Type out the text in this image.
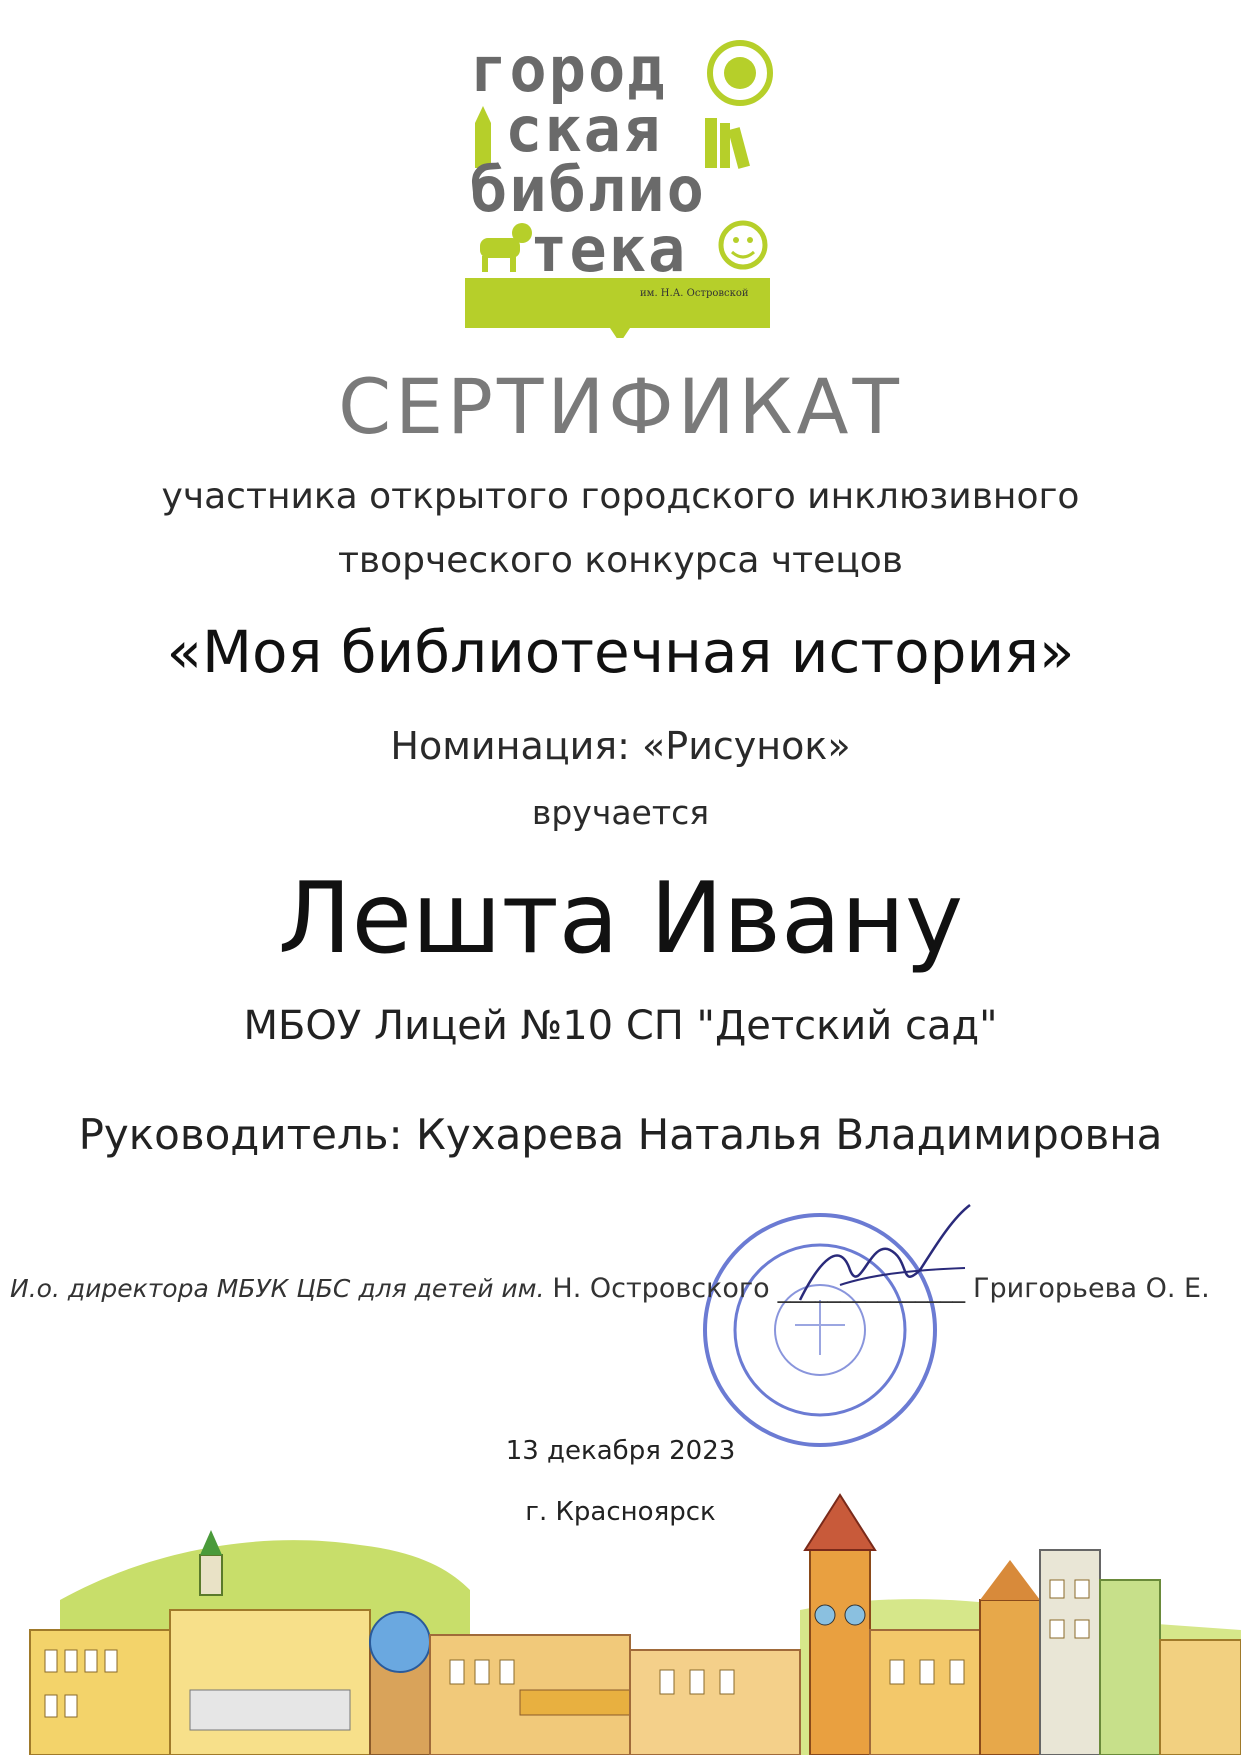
город
ская
библио
тека
им. Н.А. Островской
СЕРТИФИКАТ
участника открытого городского инклюзивного
творческого конкурса чтецов
«Моя библиотечная история»
Номинация: «Рисунок»
вручается
Лешта Ивану
МБОУ Лицей №10 СП "Детский сад"
Руководитель: Кухарева Наталья Владимировна
И.о. директора МБУК ЦБС для детей им. Н. Островского _______________ Григорьева О. Е.
13 декабря 2023
г. Красноярск
